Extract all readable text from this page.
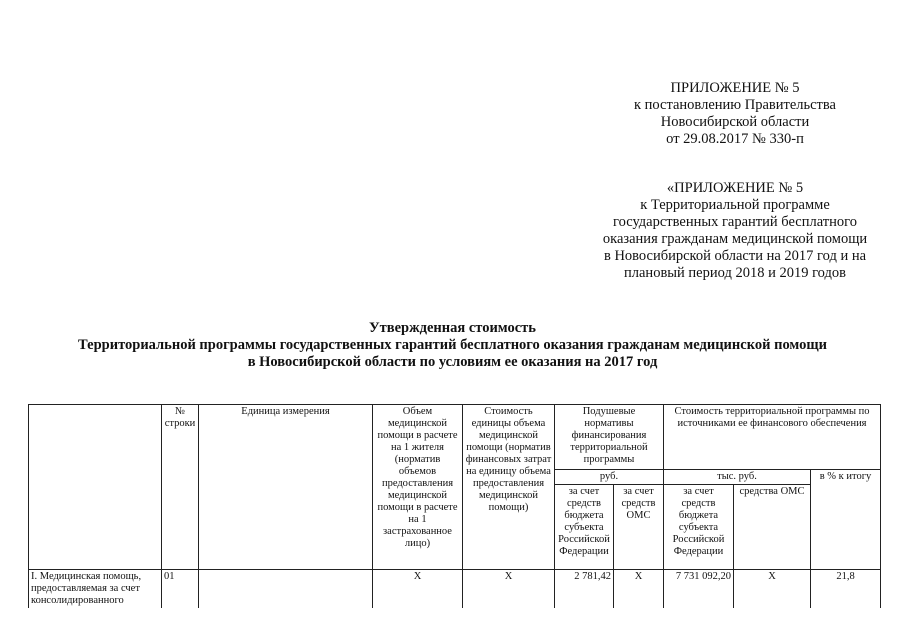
ПРИЛОЖЕНИЕ № 5
к постановлению Правительства
Новосибирской области
от 29.08.2017 № 330-п
«ПРИЛОЖЕНИЕ № 5
к Территориальной программе
государственных гарантий бесплатного
оказания гражданам медицинской помощи
в Новосибирской области на 2017 год и на
плановый период 2018 и 2019 годов
Утвержденная стоимость
Территориальной программы государственных гарантий бесплатного оказания гражданам медицинской помощи
в Новосибирской области по условиям ее оказания на 2017 год
	№ строки	Единица измерения	Объем медицинской помощи в расчете на 1 жителя (норматив объемов предоставления медицинской помощи в расчете на 1 застрахованное лицо)	Стоимость единицы объема медицинской помощи (норматив финансовых затрат на единицу объема предоставления медицинской помощи)	Подушевые нормативы финансирования территориальной программы		Стоимость территориальной программы по источниками ее финансового обеспечения		
					руб.		тыс. руб.		в % к итогу
					за счет средств бюджета субъекта Российской Федерации	за счет средств ОМС	за счет средств бюджета субъекта Российской Федерации	средства ОМС	
I. Медицинская помощь, предоставляемая за счет консолидированного	01		Х	Х	2 781,42	Х	7 731 092,20	Х	21,8
